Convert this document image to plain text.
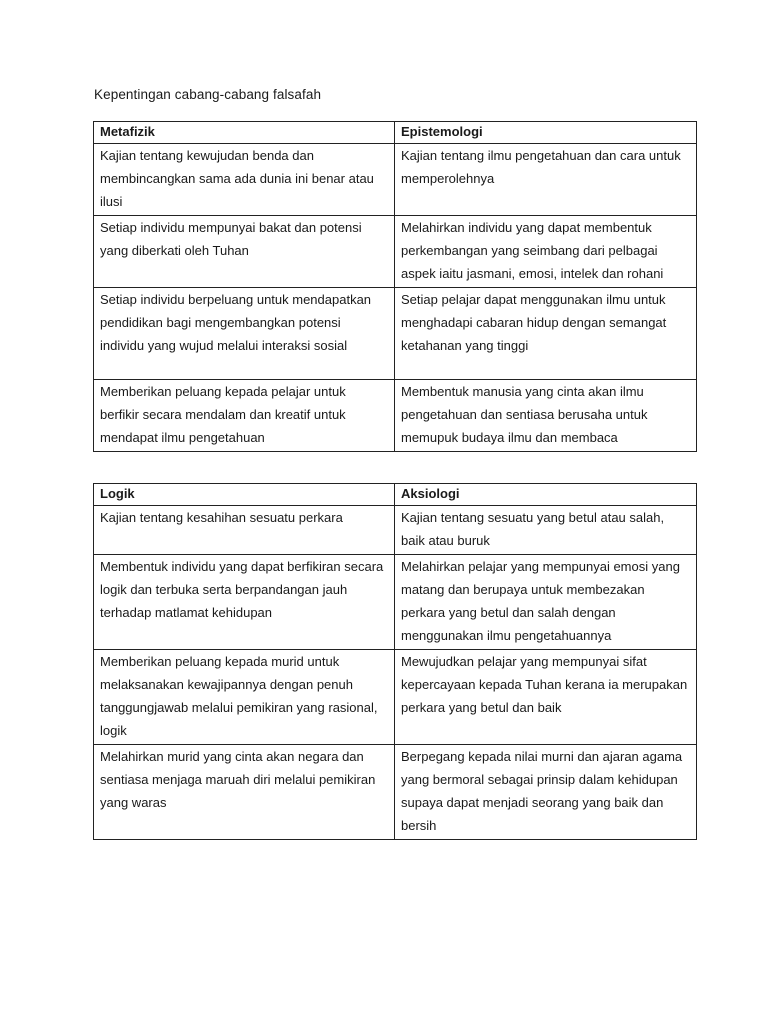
Kepentingan cabang-cabang falsafah
Metafizik	Epistemologi
Kajian tentang kewujudan benda dan membincangkan sama ada dunia ini benar atau ilusi	Kajian tentang ilmu pengetahuan dan cara untuk memperolehnya
Setiap individu mempunyai bakat dan potensi yang diberkati oleh Tuhan	Melahirkan individu yang dapat membentuk perkembangan yang seimbang dari pelbagai aspek iaitu jasmani, emosi, intelek dan rohani
Setiap individu berpeluang untuk mendapatkan pendidikan bagi mengembangkan potensi individu yang wujud melalui interaksi sosial	Setiap pelajar dapat menggunakan ilmu untuk menghadapi cabaran hidup dengan semangat ketahanan yang tinggi
Memberikan peluang kepada pelajar untuk berfikir secara mendalam dan kreatif untuk mendapat ilmu pengetahuan	Membentuk manusia yang cinta akan ilmu pengetahuan dan sentiasa berusaha untuk memupuk budaya ilmu dan membaca
Logik	Aksiologi
Kajian tentang kesahihan sesuatu perkara	Kajian tentang sesuatu yang betul atau salah, baik atau buruk
Membentuk individu yang dapat berfikiran secara logik dan terbuka serta berpandangan jauh terhadap matlamat kehidupan	Melahirkan pelajar yang mempunyai emosi yang matang dan berupaya untuk membezakan perkara yang betul dan salah dengan menggunakan ilmu pengetahuannya
Memberikan peluang kepada murid untuk melaksanakan kewajipannya dengan penuh tanggungjawab melalui pemikiran yang rasional, logik	Mewujudkan pelajar yang mempunyai sifat kepercayaan kepada Tuhan kerana ia merupakan perkara yang betul dan baik
Melahirkan murid yang cinta akan negara dan sentiasa menjaga maruah diri melalui pemikiran yang waras	Berpegang kepada nilai murni dan ajaran agama yang bermoral sebagai prinsip dalam kehidupan supaya dapat menjadi seorang yang baik dan bersih
